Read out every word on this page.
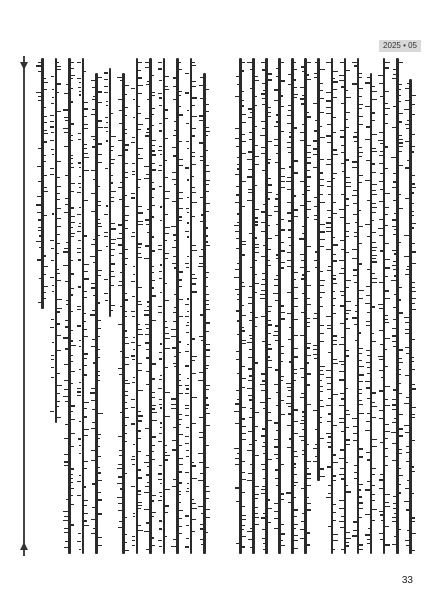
2025 • 05
33
